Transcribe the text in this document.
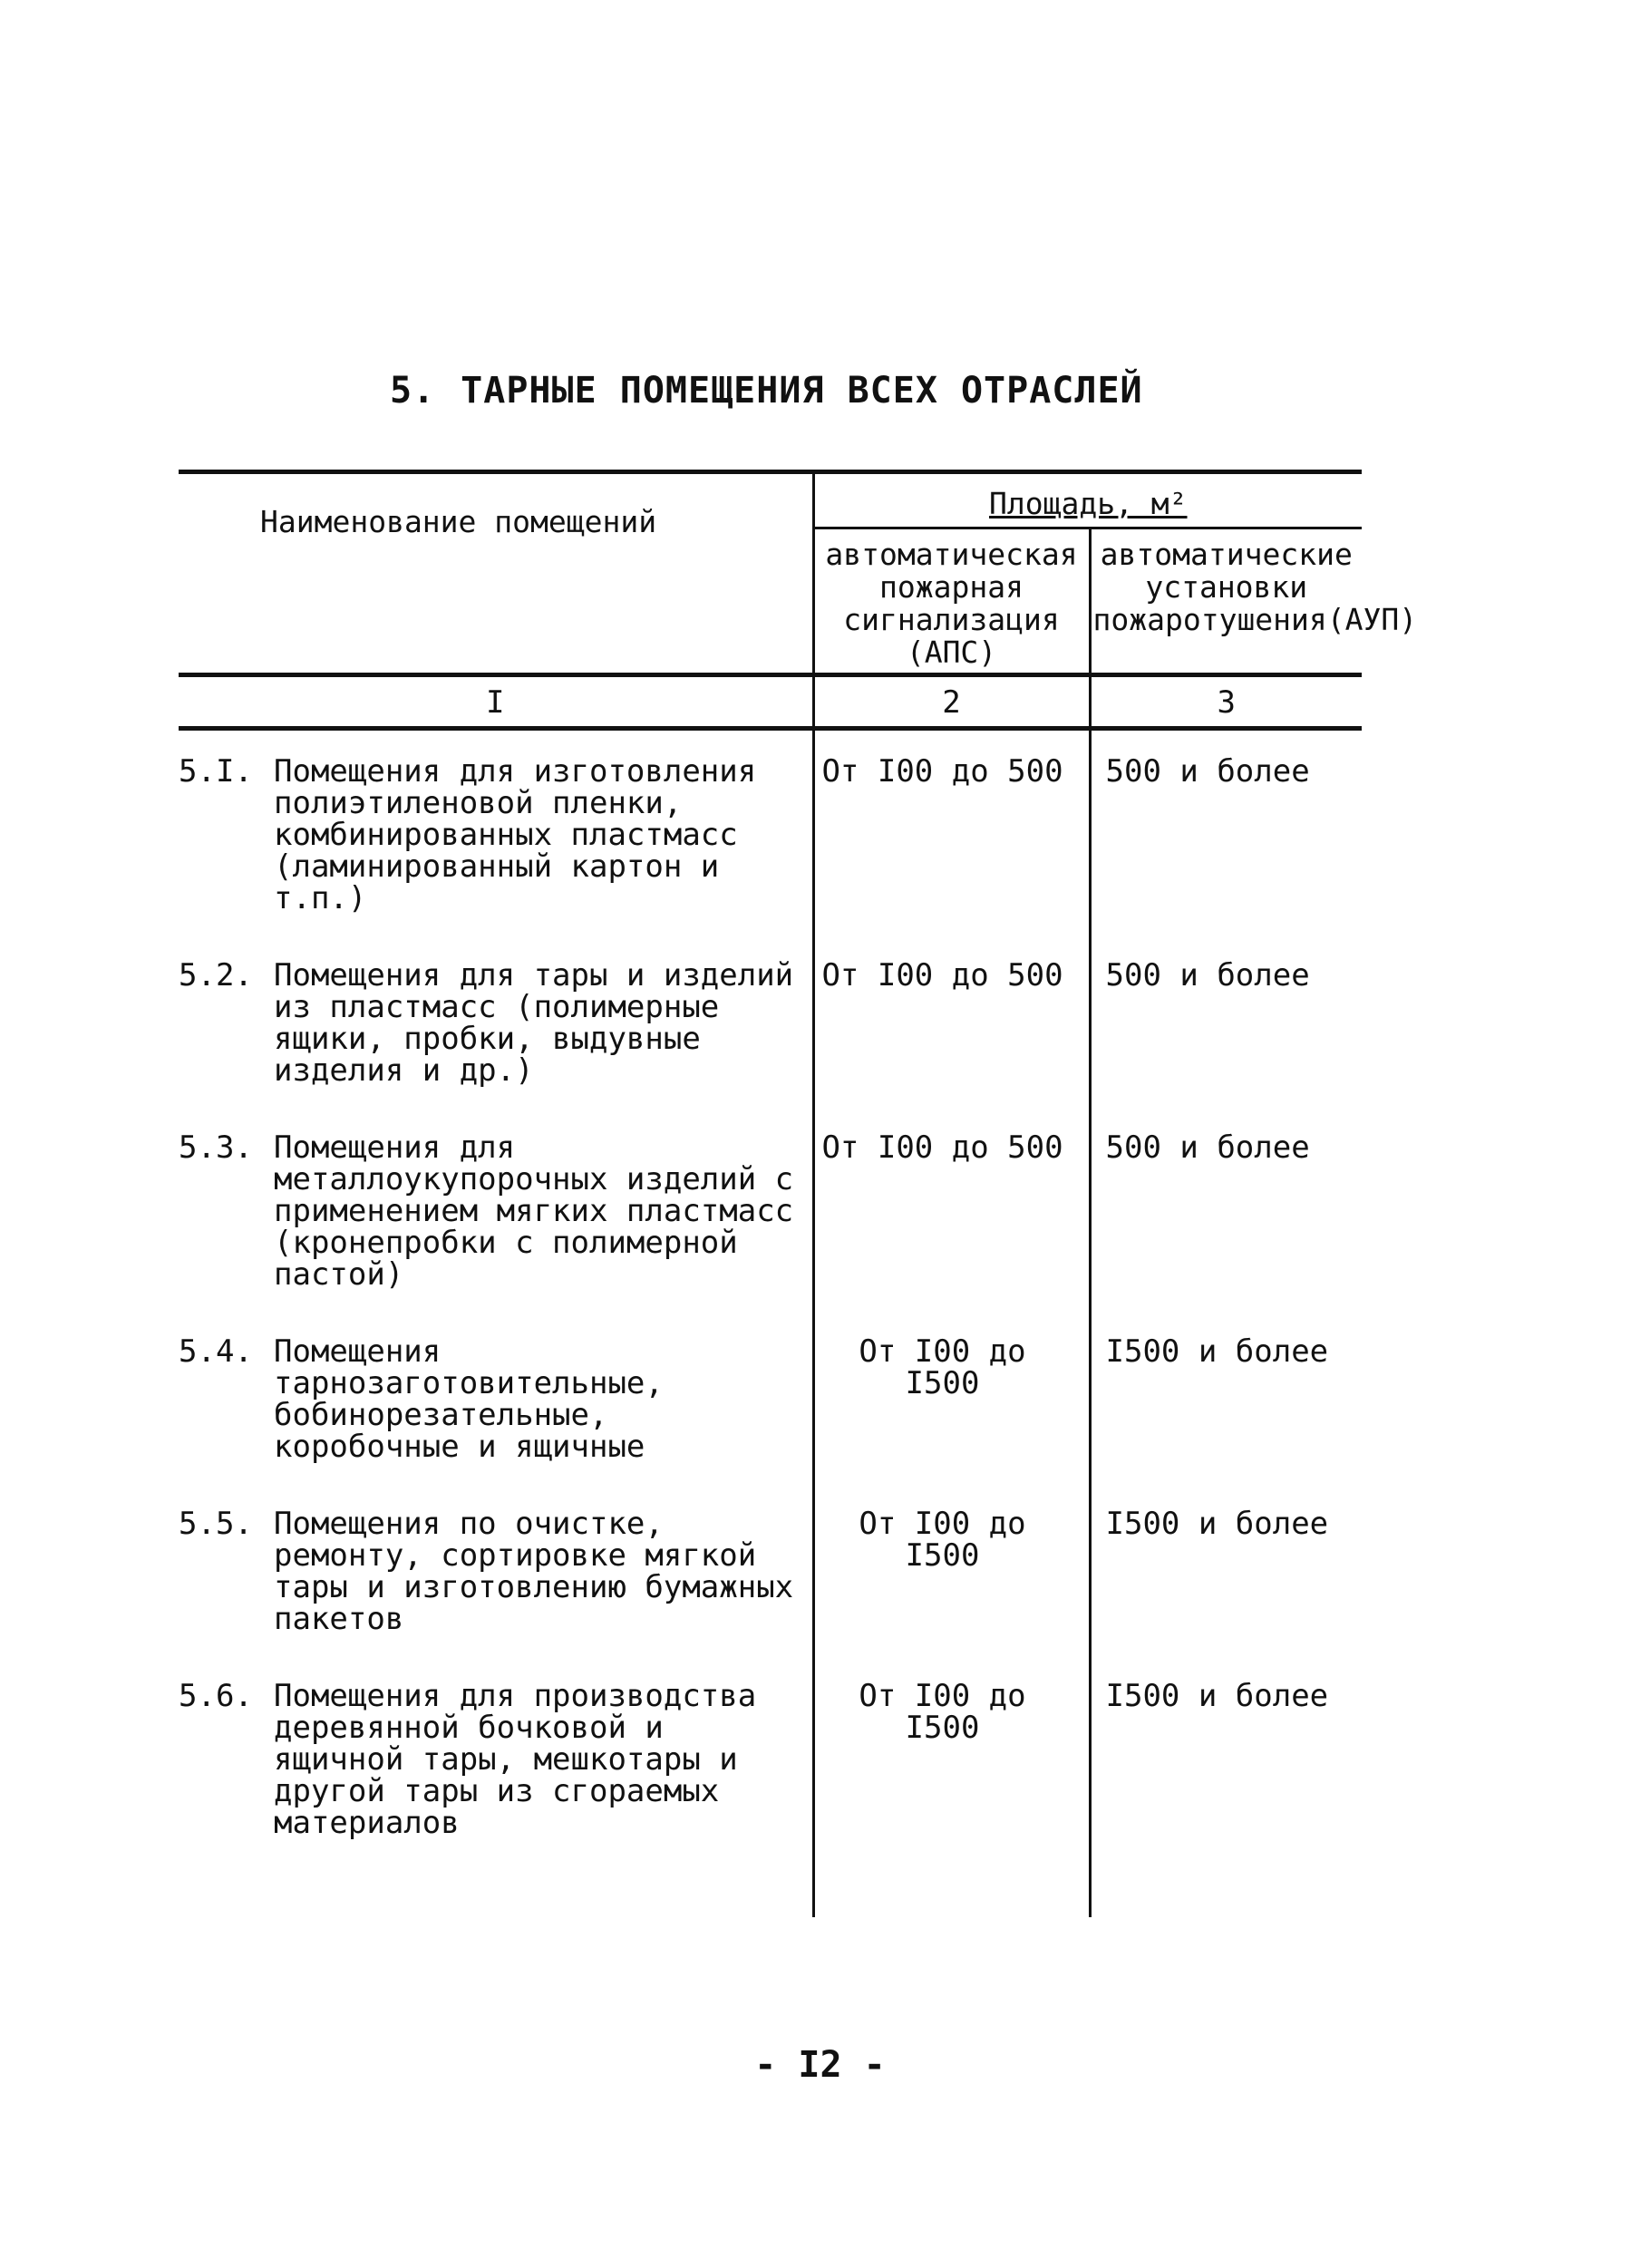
5. ТАРНЫЕ ПОМЕЩЕНИЯ ВСЕХ ОТРАСЛЕЙ
Наименование помещений	Площадь, м²	
	автоматическая пожарная сигнализация (АПС)	автоматические установки пожаротушения(АУП)
I	2	3
5.I. Помещения для изготовления полиэтиленовой пленки, комбинированных пластмасс (ламинированный картон и т.п.)	От I00 до 500	500 и более
5.2. Помещения для тары и изделий из пластмасс (полимерные ящики, пробки, выдувные изделия и др.)	От I00 до 500	500 и более
5.3. Помещения для металлоукупорочных изделий с применением мягких пластмасс (кронепробки с полимерной пастой)	От I00 до 500	500 и более
5.4. Помещения тарнозаготовительные, бобинорезательные, коробочные и ящичные	От I00 до I500	I500 и более
5.5. Помещения по очистке, ремонту, сортировке мягкой тары и изготовлению бумажных пакетов	От I00 до I500	I500 и более
5.6. Помещения для производства деревянной бочковой и ящичной тары, мешкотары и другой тары из сгораемых материалов	От I00 до I500	I500 и более

- I2 -
